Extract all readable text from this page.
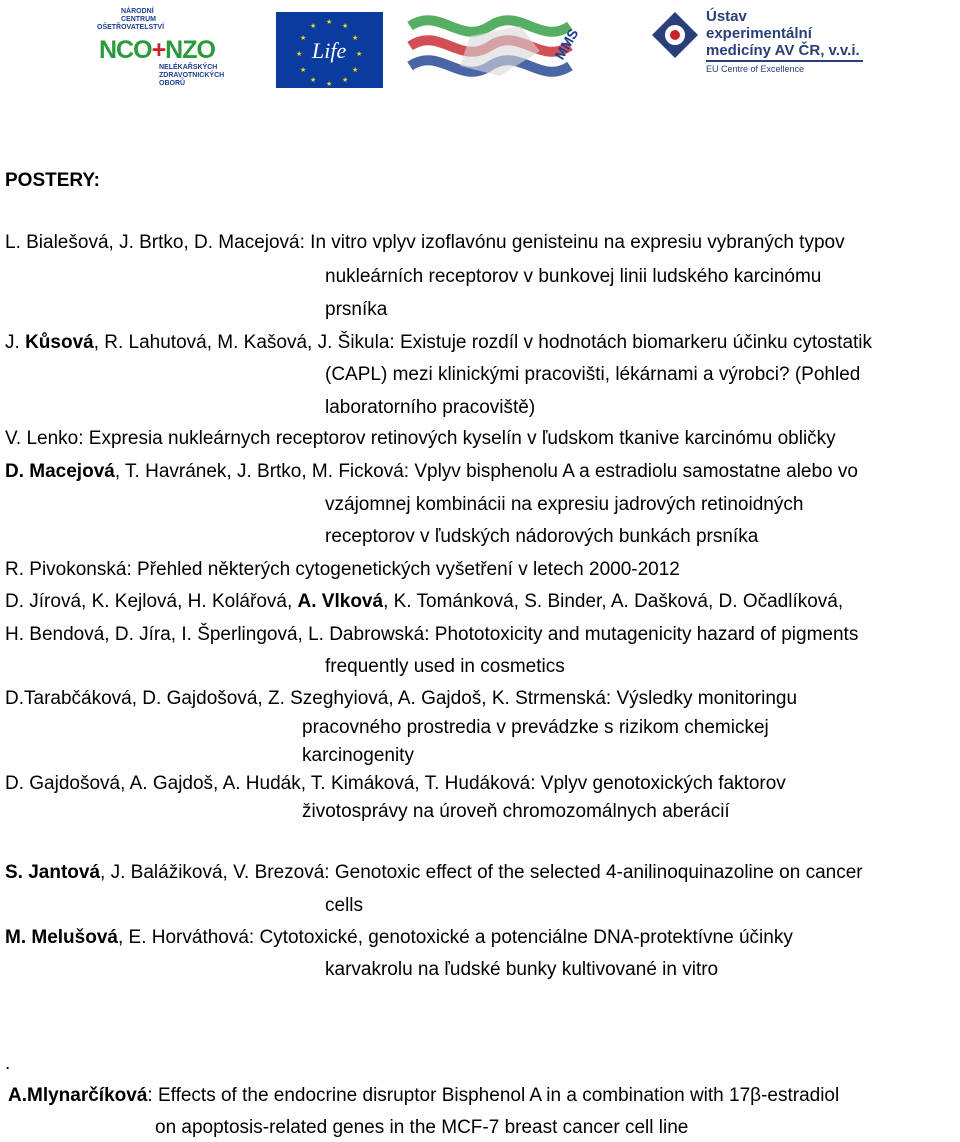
NÁRODNÍ
CENTRUM
OŠETŘOVATELSTVÍ
NCO+NZO
NELÉKAŘSKÝCH
ZDRAVOTNICKÝCH
OBORŮ
★
★
★
★
★
★
★
★
★
★
★
★
Life	MMS
Ústav
experimentální
medicíny AV ČR, v.v.i.
EU Centre of Excellence
POSTERY:
L. Bialešová, J. Brtko, D. Macejová: In vitro vplyv izoflavónu genisteinu na expresiu vybraných typov
nukleárních receptorov v bunkovej linii ludského karcinómu
prsníka
J. Kůsová, R. Lahutová, M. Kašová, J. Šikula: Existuje rozdíl v hodnotách biomarkeru účinku cytostatik
(CAPL) mezi klinickými pracovišti, lékárnami a výrobci? (Pohled
laboratorního pracoviště)
V. Lenko: Expresia nukleárnych receptorov retinových kyselín v ľudskom tkanive karcinómu obličky
D. Macejová, T. Havránek, J. Brtko, M. Ficková: Vplyv bisphenolu A a estradiolu samostatne alebo vo
vzájomnej kombinácii na expresiu jadrových retinoidných
receptorov v ľudských nádorových bunkách prsníka
R. Pivokonská: Přehled některých cytogenetických vyšetření v letech 2000-2012
D. Jírová, K. Kejlová, H. Kolářová, A. Vlková, K. Tománková, S. Binder, A. Dašková, D. Očadlíková,
H. Bendová, D. Jíra, I. Šperlingová, L. Dabrowská: Phototoxicity and mutagenicity hazard of pigments
frequently used in cosmetics
D.Tarabčáková, D. Gajdošová, Z. Szeghyiová, A. Gajdoš, K. Strmenská: Výsledky monitoringu
pracovného prostredia v prevádzke s rizikom chemickej
karcinogenity
D. Gajdošová, A. Gajdoš, A. Hudák, T. Kimáková, T. Hudáková: Vplyv genotoxických faktorov
životosprávy na úroveň chromozomálnych aberácií
S. Jantová, J. Balážiková, V. Brezová: Genotoxic effect of the selected 4-anilinoquinazoline on cancer
cells
M. Melušová, E. Horváthová: Cytotoxické, genotoxické a potenciálne DNA-protektívne účinky
karvakrolu na ľudské bunky kultivované in vitro
.
A.Mlynarčíková: Effects of the endocrine disruptor Bisphenol A in a combination with 17β-estradiol
on apoptosis-related genes in the MCF-7 breast cancer cell line
